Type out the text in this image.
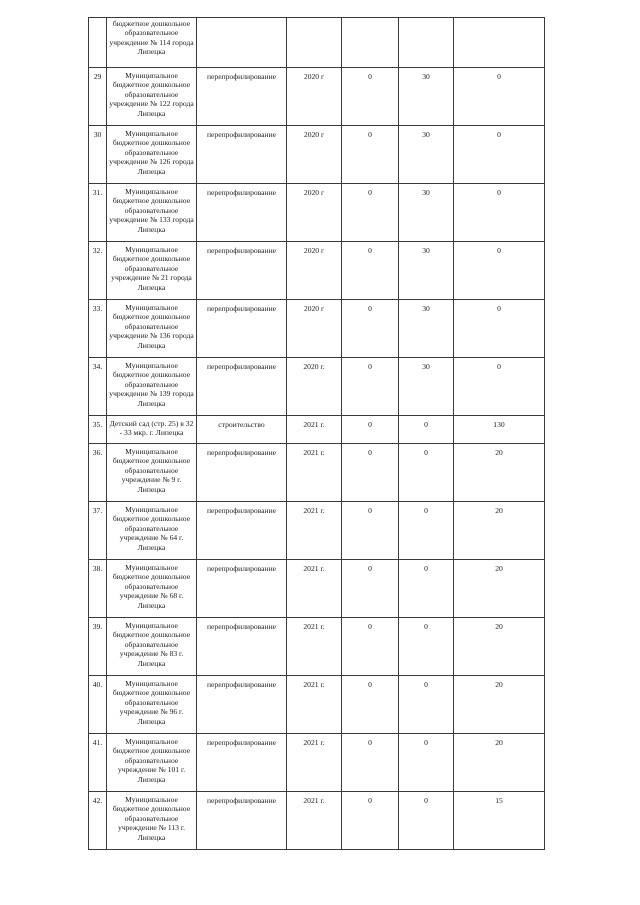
	бюджетное дошкольное образовательное учреждение № 114 города Липецка					
29	Муниципальное бюджетное дошкольное образовательное учреждение № 122 города Липецка	перепрофилирование	2020 г	0	30	0
30	Муниципальное бюджетное дошкольное образовательное учреждение № 126 города Липецка	перепрофилирование	2020 г	0	30	0
31.	Муниципальное бюджетное дошкольное образовательное учреждение № 133 города Липецка	перепрофилирование	2020 г	0	30	0
32.	Муниципальное бюджетное дошкольное образовательное учреждение № 21 города Липецка	перепрофилирование	2020 г	0	30	0
33.	Муниципальное бюджетное дошкольное образовательное учреждение № 136 города Липецка	перепрофилирование	2020 г	0	30	0
34.	Муниципальное бюджетное дошкольное образовательное учреждение № 139 города Липецка	перепрофилирование	2020 г.	0	30	0
35.	Детский сад (стр. 25) в 32 - 33 мкр. г. Липецка	строительство	2021 г.	0	0	130
36.	Муниципальное бюджетное дошкольное образовательное учреждение № 9 г. Липецка	перепрофилирование	2021 г.	0	0	20
37.	Муниципальное бюджетное дошкольное образовательное учреждение № 64 г. Липецка	перепрофилирование	2021 г.	0	0	20
38.	Муниципальное бюджетное дошкольное образовательное учреждение № 68 г. Липецка	перепрофилирование	2021 г.	0	0	20
39.	Муниципальное бюджетное дошкольное образовательное учреждение № 83 г. Липецка	перепрофилирование	2021 г.	0	0	20
40.	Муниципальное бюджетное дошкольное образовательное учреждение № 96 г. Липецка	перепрофилирование	2021 г.	0	0	20
41.	Муниципальное бюджетное дошкольное образовательное учреждение № 101 г. Липецка	перепрофилирование	2021 г.	0	0	20
42.	Муниципальное бюджетное дошкольное образовательное учреждение № 113 г. Липецка	перепрофилирование	2021 г.	0	0	15
